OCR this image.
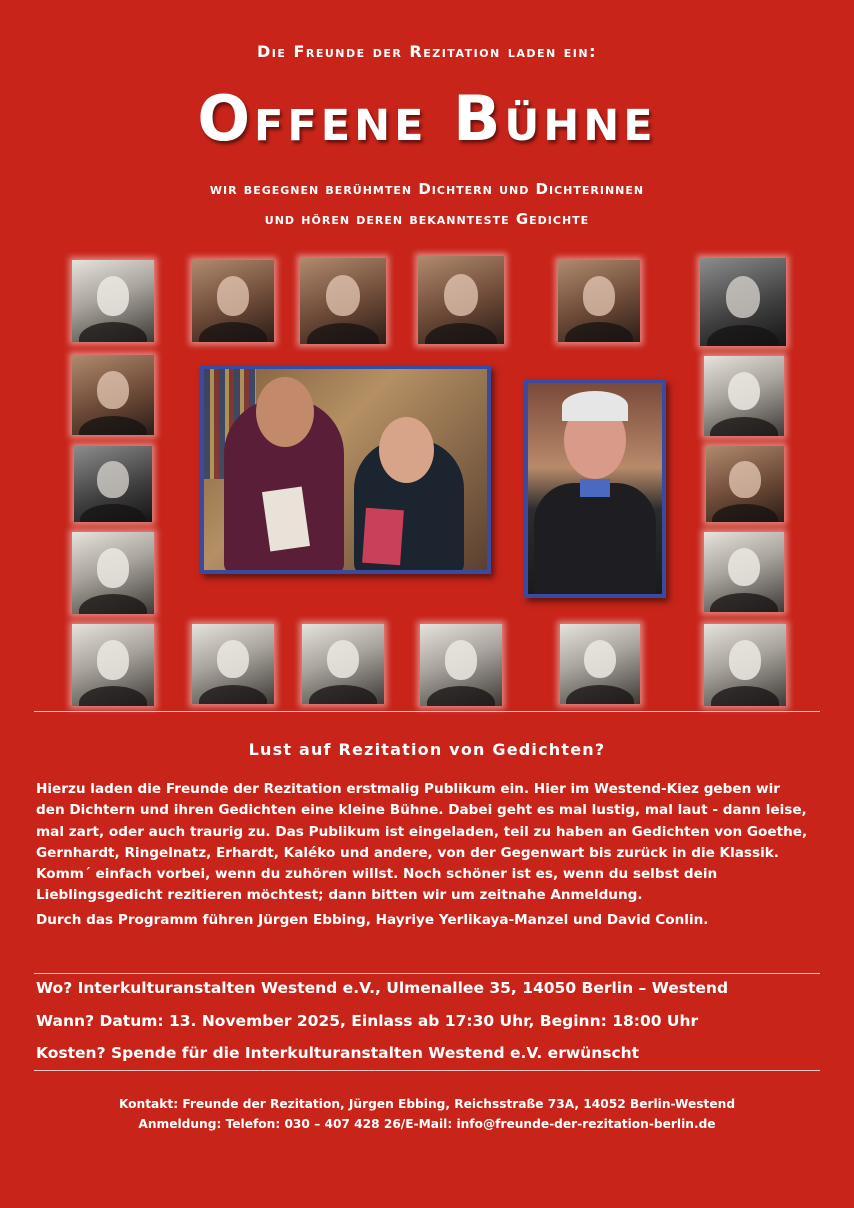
Die Freunde der Rezitation laden ein:
Offene Bühne
wir begegnen berühmten Dichtern und Dichterinnen
und hören deren bekannteste Gedichte
Lust auf Rezitation von Gedichten?

Hierzu laden die Freunde der Rezitation erstmalig Publikum ein. Hier im Westend-Kiez geben wir

den Dichtern und ihren Gedichten eine kleine Bühne. Dabei geht es mal lustig, mal laut - dann leise,

mal zart, oder auch traurig zu. Das Publikum ist eingeladen, teil zu haben an Gedichten von Goethe,

Gernhardt, Ringelnatz, Erhardt, Kaléko und andere, von der Gegenwart bis zurück in die Klassik.

Komm´ einfach vorbei, wenn du zuhören willst. Noch schöner ist es, wenn du selbst dein

Lieblingsgedicht rezitieren möchtest; dann bitten wir um zeitnahe Anmeldung.

Durch das Programm führen Jürgen Ebbing, Hayriye Yerlikaya-Manzel und David Conlin.

Wo? Interkulturanstalten Westend e.V., Ulmenallee 35, 14050 Berlin – Westend
Wann? Datum: 13. November 2025, Einlass ab 17:30 Uhr, Beginn: 18:00 Uhr
Kosten? Spende für die Interkulturanstalten Westend e.V. erwünscht
Kontakt: Freunde der Rezitation, Jürgen Ebbing, Reichsstraße 73A, 14052 Berlin-Westend
Anmeldung: Telefon: 030 – 407 428 26/E-Mail: info@freunde-der-rezitation-berlin.de
